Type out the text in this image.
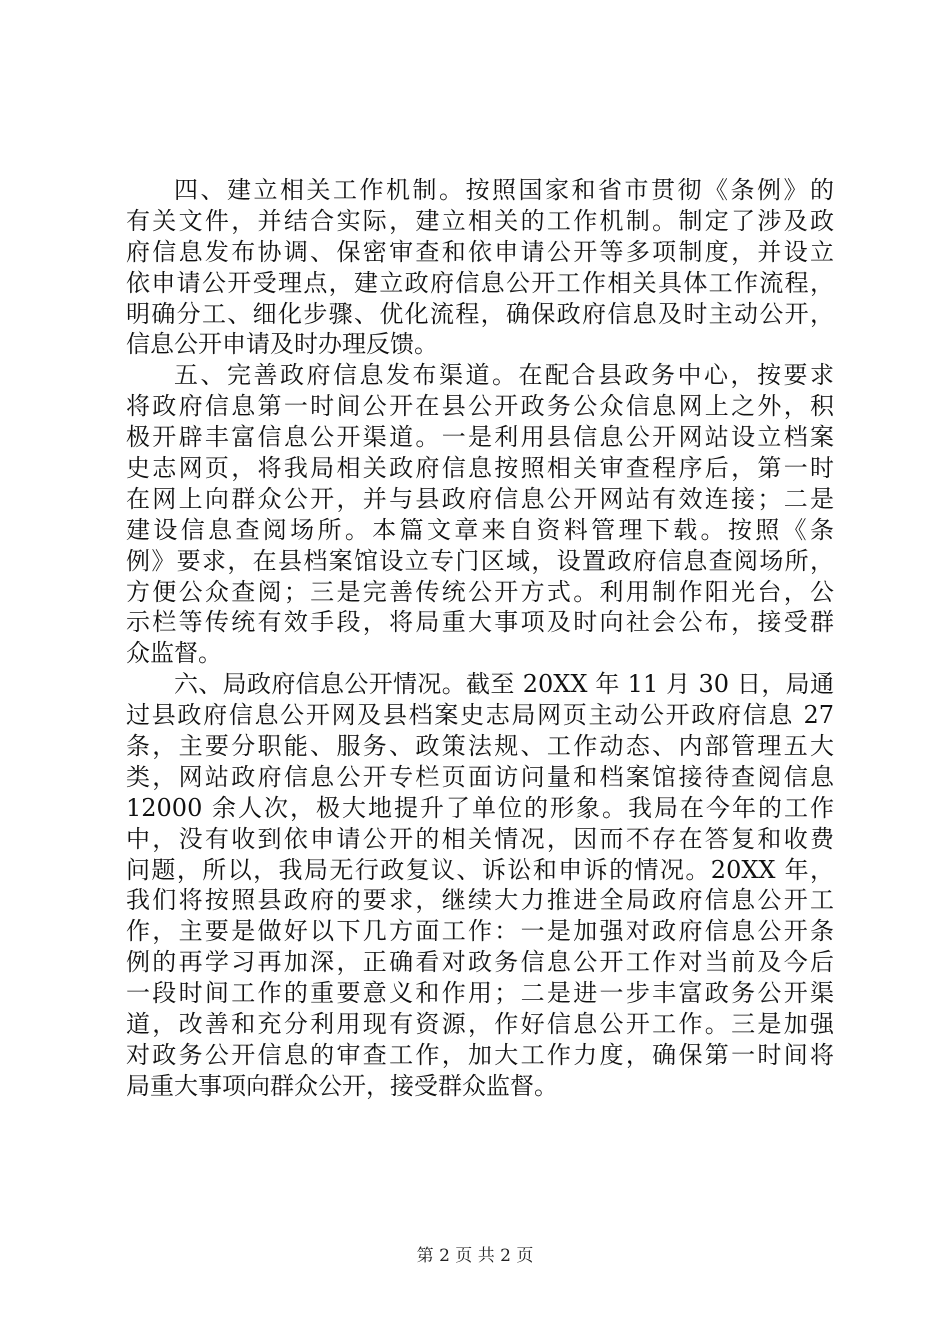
四、建立相关工作机制。按照国家和省市贯彻《条例》的
有关文件，并结合实际，建立相关的工作机制。制定了涉及政
府信息发布协调、保密审查和依申请公开等多项制度，并设立
依申请公开受理点，建立政府信息公开工作相关具体工作流程，
明确分工、细化步骤、优化流程，确保政府信息及时主动公开，
信息公开申请及时办理反馈。
五、完善政府信息发布渠道。在配合县政务中心，按要求
将政府信息第一时间公开在县公开政务公众信息网上之外，积
极开辟丰富信息公开渠道。一是利用县信息公开网站设立档案
史志网页，将我局相关政府信息按照相关审查程序后，第一时
在网上向群众公开，并与县政府信息公开网站有效连接；二是
建设信息查阅场所。本篇文章来自资料管理下载。按照《条
例》要求，在县档案馆设立专门区域，设置政府信息查阅场所，
方便公众查阅；三是完善传统公开方式。利用制作阳光台，公
示栏等传统有效手段，将局重大事项及时向社会公布，接受群
众监督。
六、局政府信息公开情况。截至 20XX 年 11 月 30 日，局通
过县政府信息公开网及县档案史志局网页主动公开政府信息 27
条，主要分职能、服务、政策法规、工作动态、内部管理五大
类，网站政府信息公开专栏页面访问量和档案馆接待查阅信息
12000 余人次，极大地提升了单位的形象。我局在今年的工作
中，没有收到依申请公开的相关情况，因而不存在答复和收费
问题，所以，我局无行政复议、诉讼和申诉的情况。20XX 年，
我们将按照县政府的要求，继续大力推进全局政府信息公开工
作，主要是做好以下几方面工作：一是加强对政府信息公开条
例的再学习再加深，正确看对政务信息公开工作对当前及今后
一段时间工作的重要意义和作用；二是进一步丰富政务公开渠
道，改善和充分利用现有资源，作好信息公开工作。三是加强
对政务公开信息的审查工作，加大工作力度，确保第一时间将
局重大事项向群众公开，接受群众监督。
第 2 页 共 2 页
